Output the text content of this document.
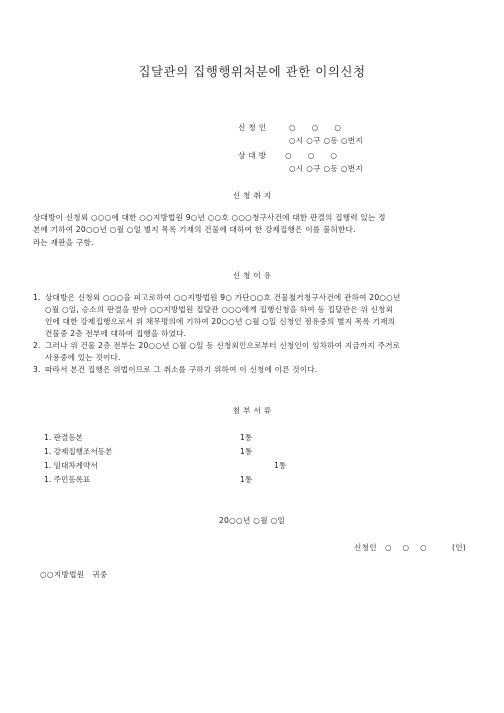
집달관의 집행행위처분에 관한 이의신청
신 청 인	○　　○　　○
○시 ○구 ○동 ○번지
상 대 방 ○　　○　　○
○시 ○구 ○동 ○번지
신 청 취 지
상대방이 신청외 ○○○에 대한 ○○지방법원 9○년 ○○호 ○○○청구사건에 대한 판결의 집행력 있는 정
본에 기하여 20○○년 ○월 ○일 별지 목록 기재의 건물에 대하여 한 강제집행은 이를 불허한다.
라는 재판을 구함.
신 청 이 유
1. 상대방은 신청외 ○○○을 피고로하여 ○○지방법원 9○ 가단○○호 건물철거청구사건에 관하여 20○○년
○월 ○일, 승소의 판결을 받아 ○○지방법원 집달관 ○○○에게 집행신청을 하여 동 집달관은 위 신청외
인에 대한 강제집행으로서 위 채무명의에 기하여 20○○년 ○월 ○일 신청인 점유중의 별지 목록 기재의
건물중 2층 전부에 대하여 집행을 하였다.
2. 그러나 위 건물 2층 전부는 20○○년 ○월 ○일 동 신청외인으로부터 신청인이 임차하여 지금까지 주거로
사용중에 있는 것이다.
3. 따라서 본건 집행은 위법이므로 그 취소를 구하기 위하여 이 신청에 이른 것이다.
첨 부 서 류
1. 판결등본	1통
1. 강제집행조서등본	1통
1. 임대차계약서	1통
1. 주민등록표	1통
20○○년 ○월 ○일
신청인 ○　 ○　 ○	(인)
○○지방법원　귀중
